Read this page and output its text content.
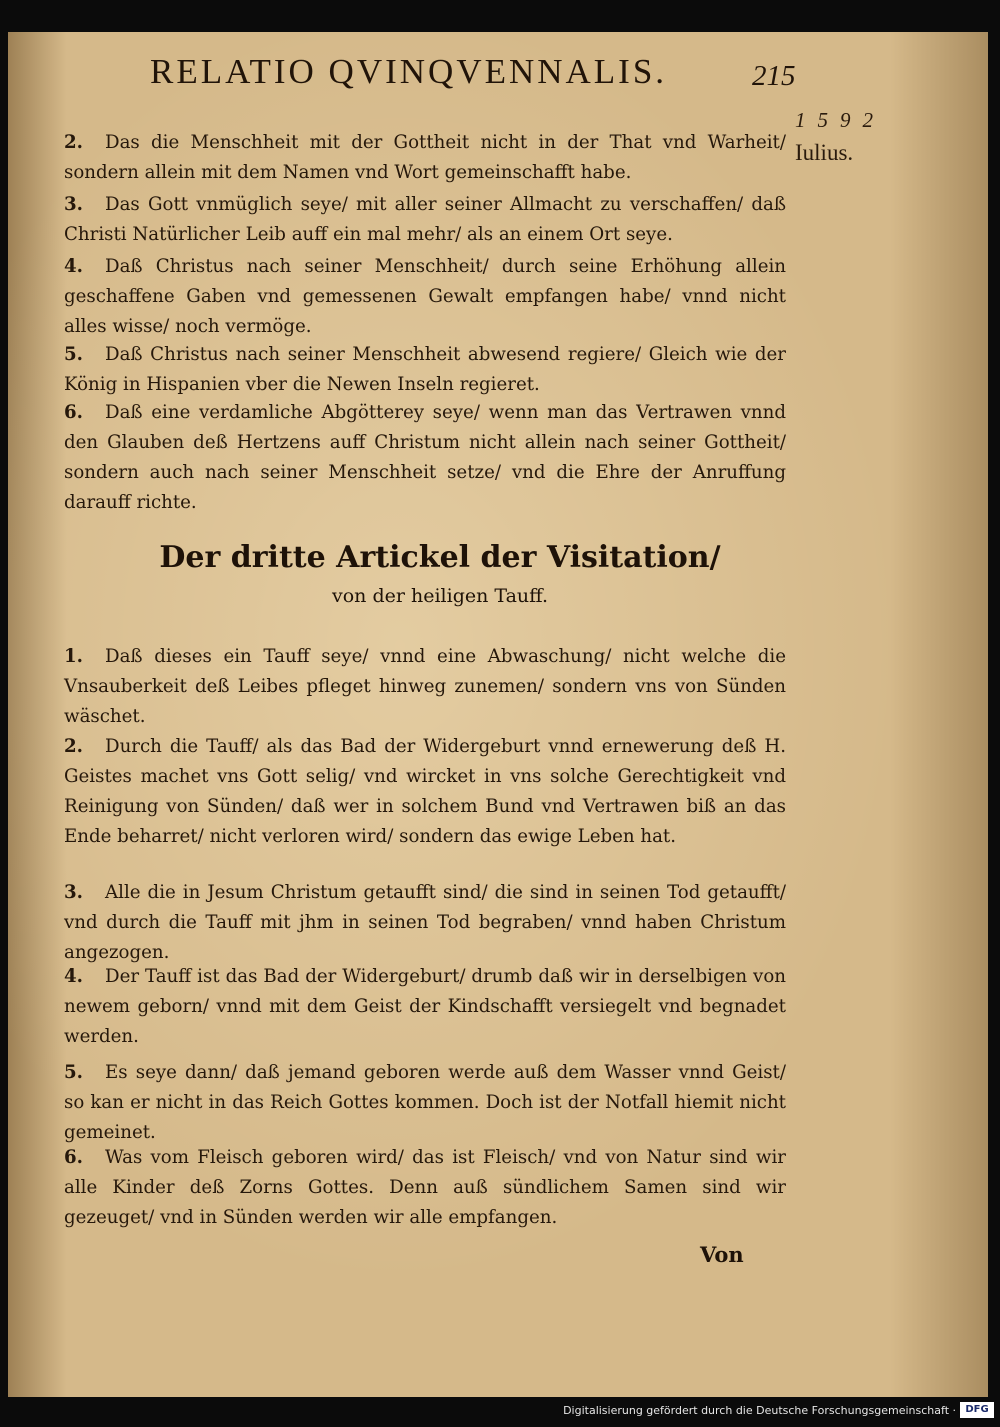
RELATIO QVINQVENNALIS.	215
1592
Iulius.
2. Das die Menschheit mit der Gottheit nicht in der That vnd Warheit/ sondern allein mit dem Namen vnd Wort gemeinschafft habe.
3. Das Gott vnmüglich seye/ mit aller seiner Allmacht zu verschaffen/ daß Christi Natürlicher Leib auff ein mal mehr/ als an einem Ort seye.
4. Daß Christus nach seiner Menschheit/ durch seine Erhöhung allein geschaffene Gaben vnd gemessenen Gewalt empfangen habe/ vnnd nicht alles wisse/ noch vermöge.
5. Daß Christus nach seiner Menschheit abwesend regiere/ Gleich wie der König in Hispanien vber die Newen Inseln regieret.
6. Daß eine verdamliche Abgötterey seye/ wenn man das Vertrawen vnnd den Glauben deß Hertzens auff Christum nicht allein nach seiner Gottheit/ sondern auch nach seiner Menschheit setze/ vnd die Ehre der Anruffung darauff richte.
Der dritte Artickel der Visitation/
von der heiligen Tauff.
1. Daß dieses ein Tauff seye/ vnnd eine Abwaschung/ nicht welche die Vnsauberkeit deß Leibes pfleget hinweg zunemen/ sondern vns von Sünden wäschet.
2. Durch die Tauff/ als das Bad der Widergeburt vnnd ernewerung deß H. Geistes machet vns Gott selig/ vnd wircket in vns solche Gerechtigkeit vnd Reinigung von Sünden/ daß wer in solchem Bund vnd Vertrawen biß an das Ende beharret/ nicht verloren wird/ sondern das ewige Leben hat.
3. Alle die in Jesum Christum getaufft sind/ die sind in seinen Tod getaufft/ vnd durch die Tauff mit jhm in seinen Tod begraben/ vnnd haben Christum angezogen.
4. Der Tauff ist das Bad der Widergeburt/ drumb daß wir in derselbigen von newem geborn/ vnnd mit dem Geist der Kindschafft versiegelt vnd begnadet werden.
5. Es seye dann/ daß jemand geboren werde auß dem Wasser vnnd Geist/ so kan er nicht in das Reich Gottes kommen. Doch ist der Notfall hiemit nicht gemeinet.
6. Was vom Fleisch geboren wird/ das ist Fleisch/ vnd von Natur sind wir alle Kinder deß Zorns Gottes. Denn auß sündlichem Samen sind wir gezeuget/ vnd in Sünden werden wir alle empfangen.
Von
Digitalisierung gefördert durch die Deutsche Forschungsgemeinschaft · DFG
